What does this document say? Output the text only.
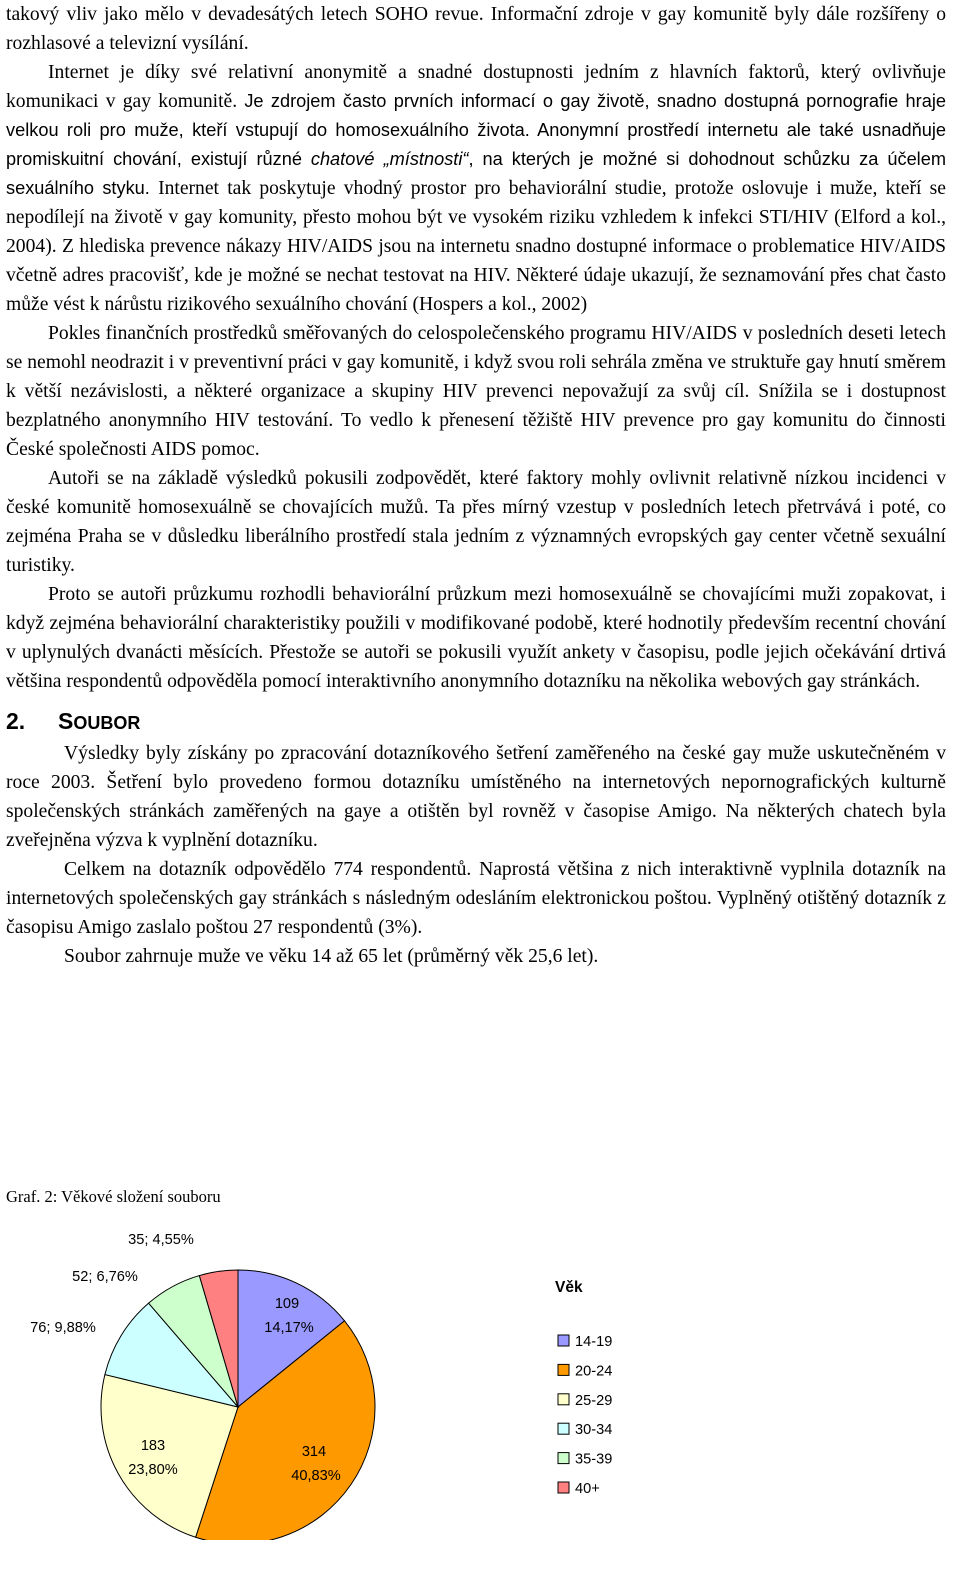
takový vliv jako mělo v devadesátých letech SOHO revue. Informační zdroje v gay komunitě byly dále rozšířeny o rozhlasové a televizní vysílání.

Internet je díky své relativní anonymitě a snadné dostupnosti jedním z hlavních faktorů, který ovlivňuje komunikaci v gay komunitě. Je zdrojem často prvních informací o gay životě, snadno dostupná pornografie hraje velkou roli pro muže, kteří vstupují do homosexuálního života. Anonymní prostředí internetu ale také usnadňuje promiskuitní chování, existují různé chatové „místnosti“, na kterých je možné si dohodnout schůzku za účelem sexuálního styku. Internet tak poskytuje vhodný prostor pro behaviorální studie, protože oslovuje i muže, kteří se nepodílejí na životě v gay komunity, přesto mohou být ve vysokém riziku vzhledem k infekci STI/HIV (Elford a kol., 2004). Z hlediska prevence nákazy HIV/AIDS jsou na internetu snadno dostupné informace o problematice HIV/AIDS včetně adres pracovišť, kde je možné se nechat testovat na HIV. Některé údaje ukazují, že seznamování přes chat často může vést k nárůstu rizikového sexuálního chování (Hospers a kol., 2002)

Pokles finančních prostředků směřovaných do celospolečenského programu HIV/AIDS v posledních deseti letech se nemohl neodrazit i v preventivní práci v gay komunitě, i když svou roli sehrála změna ve struktuře gay hnutí směrem k větší nezávislosti, a některé organizace a skupiny HIV prevenci nepovažují za svůj cíl. Snížila se i dostupnost bezplatného anonymního HIV testování. To vedlo k přenesení těžiště HIV prevence pro gay komunitu do činnosti České společnosti AIDS pomoc.

Autoři se na základě výsledků pokusili zodpovědět, které faktory mohly ovlivnit relativně nízkou incidenci v české komunitě homosexuálně se chovajících mužů. Ta přes mírný vzestup v posledních letech přetrvává i poté, co zejména Praha se v důsledku liberálního prostředí stala jedním z významných evropských gay center včetně sexuální turistiky.

Proto se autoři průzkumu rozhodli behaviorální průzkum mezi homosexuálně se chovajícími muži zopakovat, i když zejména behaviorální charakteristiky použili v modifikované podobě, které hodnotily především recentní chování v uplynulých dvanácti měsících. Přestože se autoři se pokusili využít ankety v časopisu, podle jejich očekávání drtivá většina respondentů odpověděla pomocí interaktivního anonymního dotazníku na několika webových gay stránkách.

2. SOUBOR

Výsledky byly získány po zpracování dotazníkového šetření zaměřeného na české gay muže uskutečněném v roce 2003. Šetření bylo provedeno formou dotazníku umístěného na internetových nepornografických kulturně společenských stránkách zaměřených na gaye a otištěn byl rovněž v časopise Amigo. Na některých chatech byla zveřejněna výzva k vyplnění dotazníku.

Celkem na dotazník odpovědělo 774 respondentů. Naprostá většina z nich interaktivně vyplnila dotazník na internetových společenských gay stránkách s následným odesláním elektronickou poštou. Vyplněný otištěný dotazník z časopisu Amigo zaslalo poštou 27 respondentů (3%).

Soubor zahrnuje muže ve věku 14 až 65 let (průměrný věk 25,6 let).

Graf. 2: Věkové složení souboru
109
14,17%
314
40,83%
183
23,80%
76; 9,88%
52; 6,76%
35; 4,55%
Věk
14-19
20-24
25-29
30-34
35-39
40+
